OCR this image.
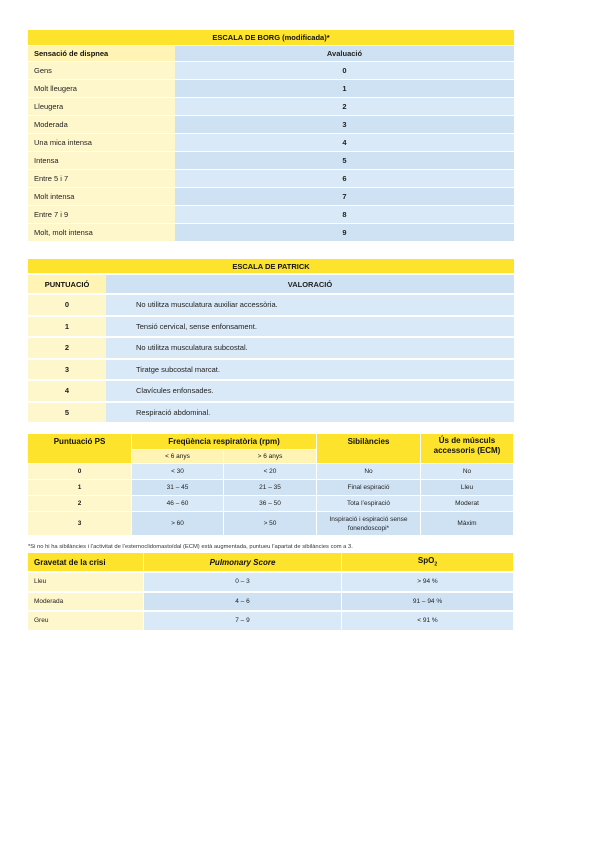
ESCALA DE BORG (modificada)*	
Sensació de dispnea	Avaluació
Gens	0
Molt lleugera	1
Lleugera	2
Moderada	3
Una mica intensa	4
Intensa	5
Entre 5 i 7	6
Molt intensa	7
Entre 7 i 9	8
Molt, molt intensa	9
ESCALA DE PATRICK	
PUNTUACIÓ	VALORACIÓ
0	No utilitza musculatura auxiliar accessòria.
1	Tensió cervical, sense enfonsament.
2	No utilitza musculatura subcostal.
3	Tiratge subcostal marcat.
4	Clavícules enfonsades.
5	Respiració abdominal.
Puntuació PS	Freqüència respiratòria (rpm)		Sibilàncies	Ús de músculs accessoris (ECM)
	< 6 anys	> 6 anys		
0	< 30	< 20	No	No
1	31 – 45	21 – 35	Final espiració	Lleu
2	46 – 60	36 – 50	Tota l’espiració	Moderat
3	> 60	> 50	Inspiració i espiració sense fonendoscopi*	Màxim
*Si no hi ha sibilàncies i l’activitat de l’esternoclidomastoïdal (ECM) està augmentada, puntueu l’apartat de sibilàncies com a 3.
Gravetat de la crisi	Pulmonary Score	SpO$_2$
Lleu	0 – 3	> 94 %
Moderada	4 – 6	91 – 94 %
Greu	7 – 9	< 91 %
